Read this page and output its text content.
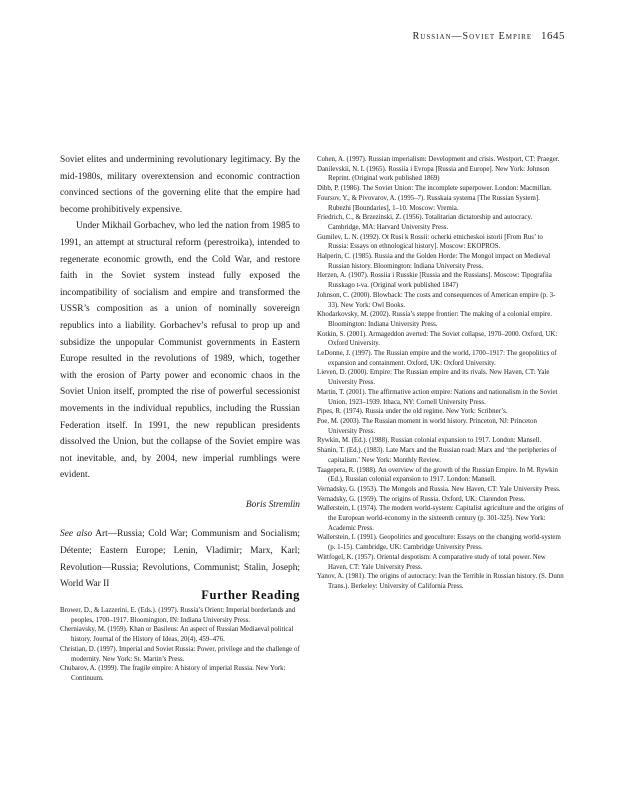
Russian—Soviet Empire 1645

Soviet elites and undermining revolutionary legitimacy. By the mid-1980s, military overextension and economic contraction convinced sections of the governing elite that the empire had become prohibitively expensive.

Under Mikhail Gorbachev, who led the nation from 1985 to 1991, an attempt at structural reform (perestroika), intended to regenerate economic growth, end the Cold War, and restore faith in the Soviet system instead fully exposed the incompatibility of socialism and empire and transformed the USSR’s composition as a union of nominally sovereign republics into a liability. Gorbachev’s refusal to prop up and subsidize the unpopular Communist governments in Eastern Europe resulted in the revolutions of 1989, which, together with the erosion of Party power and economic chaos in the Soviet Union itself, prompted the rise of powerful secessionist movements in the individual republics, including the Russian Federation itself. In 1991, the new republican presidents dissolved the Union, but the collapse of the Soviet empire was not inevitable, and, by 2004, new imperial rumblings were evident.

Boris Stremlin
See also Art—Russia; Cold War; Communism and Socialism; Détente; Eastern Europe; Lenin, Vladimir; Marx, Karl; Revolution—Russia; Revolutions, Communist; Stalin, Joseph; World War II
Further Reading
Brower, D., & Lazzerini, E. (Eds.). (1997). Russia’s Orient: Imperial borderlands and peoples, 1700–1917. Bloomington, IN: Indiana University Press.
Cherniavsky, M. (1959). Khan or Basileus: An aspect of Russian Mediaeval political history. Journal of the History of Ideas, 20(4), 459–476.
Christian, D. (1997). Imperial and Soviet Russia: Power, privilege and the challenge of modernity. New York: St. Martin’s Press.
Chubarov, A. (1999). The fragile empire: A history of imperial Russia. New York: Continuum.
Cohen, A. (1997). Russian imperialism: Development and crisis. Westport, CT: Praeger.
Danilevskii, N. I. (1965). Rossiia i Evropa [Russia and Europe]. New York: Johnson Reprint. (Original work published 1869)
Dibb, P. (1986). The Soviet Union: The incomplete superpower. London: Macmillan.
Foursov, Y., & Pivovarov, A. (1995–7). Russkaia systema [The Russian System]. Rubezhi [Boundaries], 1–10. Moscow: Vremia.
Friedrich, C., & Brzezinski, Z. (1956). Totalitarian dictatorship and autocracy. Cambridge, MA: Harvard University Press.
Gumilev, L. N. (1992). Ot Rusi k Rossii: ocherki etnicheskoi istorii [From Rus’ to Russia: Essays on ethnological history]. Moscow: EKOPROS.
Halperin, C. (1985). Russia and the Golden Horde: The Mongol impact on Medieval Russian history. Bloomington: Indiana University Press.
Herzen, A. (1907). Rossiia i Russkie [Russia and the Russians]. Moscow: Tipografiia Russkago t-va. (Original work published 1847)
Johnson, C. (2000). Blowback: The costs and consequences of American empire (p. 3-33). New York: Owl Books.
Khodarkovsky, M. (2002). Russia’s steppe frontier: The making of a colonial empire. Bloomington: Indiana University Press.
Kotkin, S. (2001). Armageddon averted: The Soviet collapse, 1970–2000. Oxford, UK: Oxford University.
LeDonne, J. (1997). The Russian empire and the world, 1700–1917: The geopolitics of expansion and containment. Oxford, UK: Oxford University.
Lieven, D. (2000). Empire: The Russian empire and its rivals. New Haven, CT: Yale University Press.
Martin, T. (2001). The affirmative action empire: Nations and nationalism in the Soviet Union, 1923–1939. Ithaca, NY: Cornell University Press.
Pipes, R. (1974). Russia under the old regime. New York: Scribner’s.
Poe, M. (2003). The Russian moment in world history. Princeton, NJ: Princeton University Press.
Rywkin, M. (Ed.). (1988). Russian colonial expansion to 1917. London: Mansell.
Shanin, T. (Ed.). (1983). Late Marx and the Russian road: Marx and ‘the peripheries of capitalism.’ New York: Monthly Review.
Taagepera, R. (1988). An overview of the growth of the Russian Empire. In M. Rywkin (Ed.), Russian colonial expansion to 1917. London: Mansell.
Vernadsky, G. (1953). The Mongols and Russia. New Haven, CT: Yale University Press.
Vernadsky, G. (1959). The origins of Russia. Oxford, UK: Clarendon Press.
Wallerstein, I. (1974). The modern world-system: Capitalist agriculture and the origins of the European world-economy in the sixteenth century (p. 301-325). New York: Academic Press.
Wallerstein, I. (1991). Geopolitics and geoculture: Essays on the changing world-system (p. 1-15). Cambridge, UK: Cambridge University Press.
Wittfogel, K. (1957). Oriental despotism: A comparative study of total power. New Haven, CT: Yale University Press.
Yanov, A. (1981). The origins of autocracy: Ivan the Terrible in Russian history. (S. Dunn Trans.). Berkeley: University of California Press.
